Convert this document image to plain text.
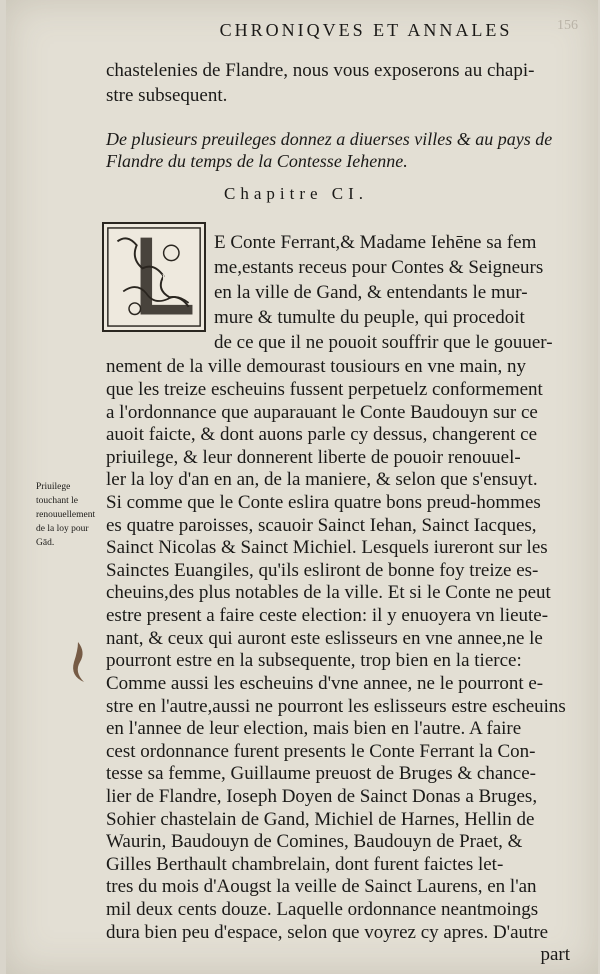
CHRONIQVES ET ANNALES	156
chastelenies de Flandre, nous vous exposerons au chapi-
stre subsequent.
De plusieurs preuileges donnez a diuerses villes & au pays de Flandre du temps de la Contesse Iehenne.
Chapitre CI.
L
Priuilege touchant le renouuellement de la loy pour Gād.
E Conte Ferrant,& Madame Iehēne sa fem
me,estants receus pour Contes & Seigneurs
en la ville de Gand, & entendants le mur-
mure & tumulte du peuple, qui procedoit
de ce que il ne pouoit souffrir que le gouuer-
nement de la ville demourast tousiours en vne main, ny
que les treize escheuins fussent perpetuelz conformement
a l'ordonnance que auparauant le Conte Baudouyn sur ce
auoit faicte, & dont auons parle cy dessus, changerent ce
priuilege, & leur donnerent liberte de pouoir renouuel-
ler la loy d'an en an, de la maniere, & selon que s'ensuyt.
Si comme que le Conte eslira quatre bons preud-hommes
es quatre paroisses, scauoir Sainct Iehan, Sainct Iacques,
Sainct Nicolas & Sainct Michiel. Lesquels iureront sur les
Sainctes Euangiles, qu'ils esliront de bonne foy treize es-
cheuins,des plus notables de la ville. Et si le Conte ne peut
estre present a faire ceste election: il y enuoyera vn lieute-
nant, & ceux qui auront este eslisseurs en vne annee,ne le
pourront estre en la subsequente, trop bien en la tierce:
Comme aussi les escheuins d'vne annee, ne le pourront e-
stre en l'autre,aussi ne pourront les eslisseurs estre escheuins
en l'annee de leur election, mais bien en l'autre. A faire
cest ordonnance furent presents le Conte Ferrant la Con-
tesse sa femme, Guillaume preuost de Bruges & chance-
lier de Flandre, Ioseph Doyen de Sainct Donas a Bruges,
Sohier chastelain de Gand, Michiel de Harnes, Hellin de
Waurin, Baudouyn de Comines, Baudouyn de Praet, &
Gilles Berthault chambrelain, dont furent faictes let-
tres du mois d'Aougst la veille de Sainct Laurens, en l'an
mil deux cents douze. Laquelle ordonnance neantmoings
dura bien peu d'espace, selon que voyrez cy apres. D'autre
part
